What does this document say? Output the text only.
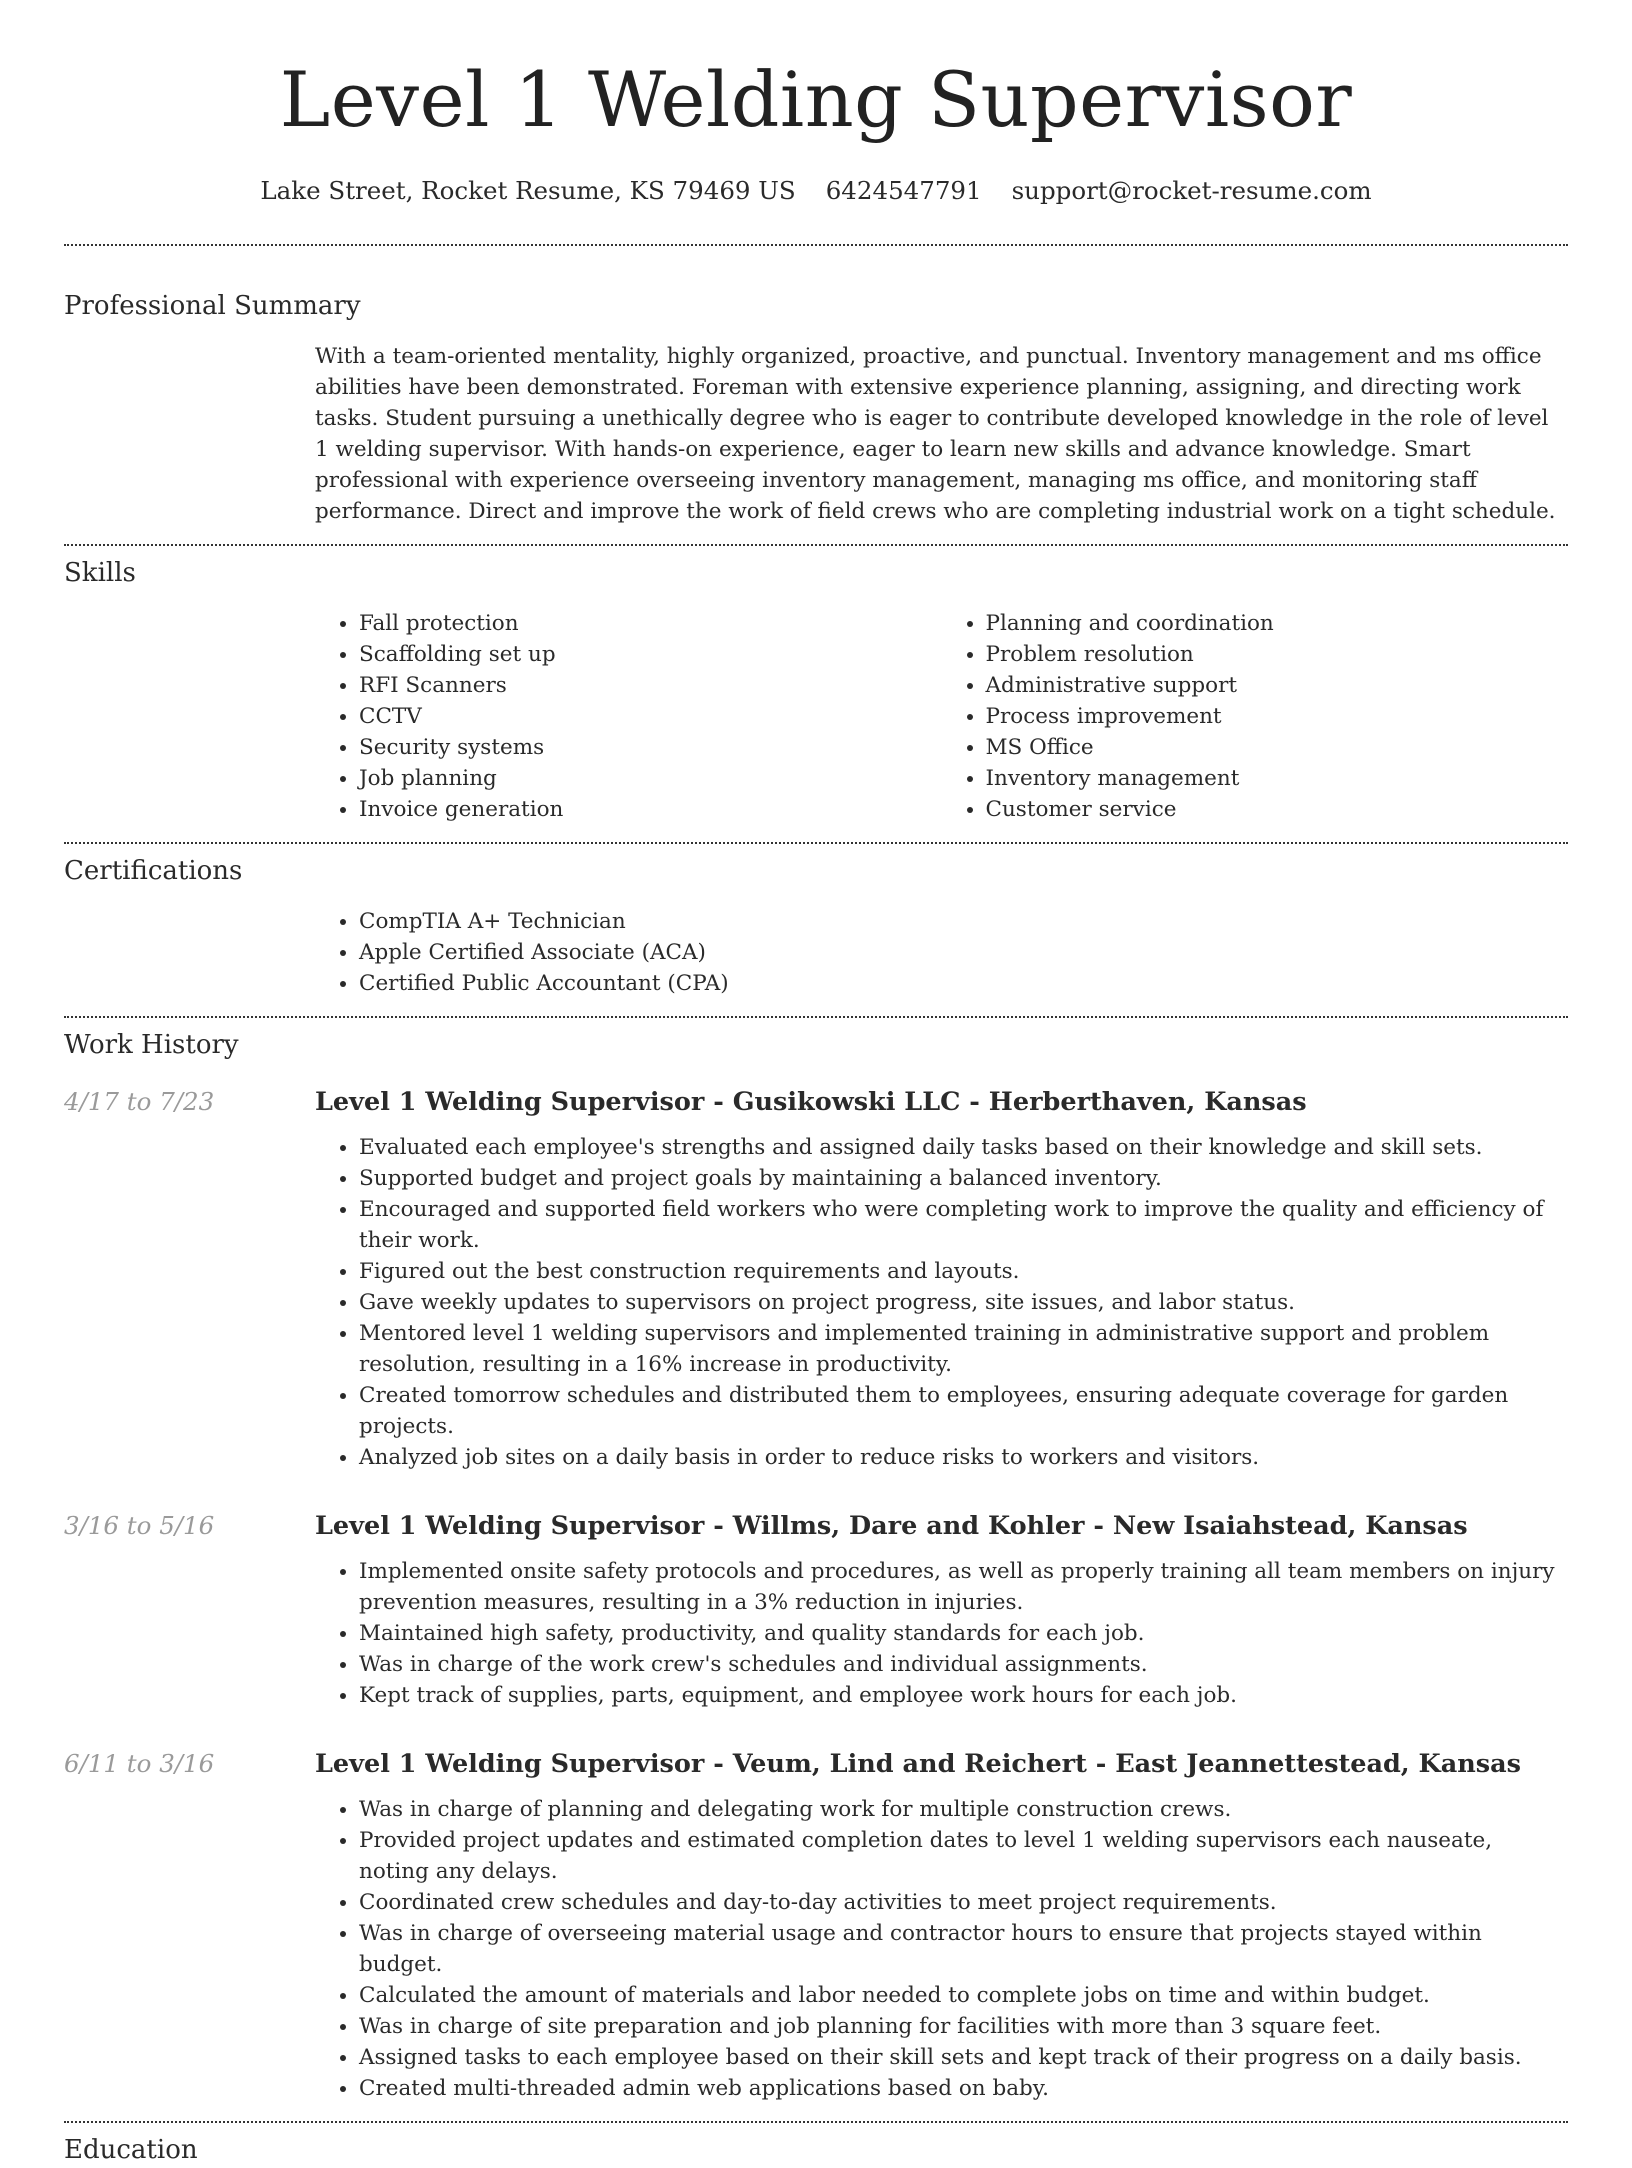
Level 1 Welding Supervisor
Lake Street, Rocket Resume, KS 79469 US 6424547791 support@rocket-resume.com
Professional Summary

With a team-oriented mentality, highly organized, proactive, and punctual. Inventory management and ms office abilities have been demonstrated. Foreman with extensive experience planning, assigning, and directing work tasks. Student pursuing a unethically degree who is eager to contribute developed knowledge in the role of level 1 welding supervisor. With hands-on experience, eager to learn new skills and advance knowledge. Smart professional with experience overseeing inventory management, managing ms office, and monitoring staff performance. Direct and improve the work of field crews who are completing industrial work on a tight schedule.

Skills
• Fall protection
• Scaffolding set up
• RFI Scanners
• CCTV
• Security systems
• Job planning
• Invoice generation
• Planning and coordination
• Problem resolution
• Administrative support
• Process improvement
• MS Office
• Inventory management
• Customer service
Certifications
• CompTIA A+ Technician
• Apple Certified Associate (ACA)
• Certified Public Accountant (CPA)
Work History
4/17 to 7/23	Level 1 Welding Supervisor - Gusikowski LLC - Herberthaven, Kansas
• Evaluated each employee's strengths and assigned daily tasks based on their knowledge and skill sets.
• Supported budget and project goals by maintaining a balanced inventory.
• Encouraged and supported field workers who were completing work to improve the quality and efficiency of their work.
• Figured out the best construction requirements and layouts.
• Gave weekly updates to supervisors on project progress, site issues, and labor status.
• Mentored level 1 welding supervisors and implemented training in administrative support and problem resolution, resulting in a 16% increase in productivity.
• Created tomorrow schedules and distributed them to employees, ensuring adequate coverage for garden projects.
• Analyzed job sites on a daily basis in order to reduce risks to workers and visitors.
3/16 to 5/16	Level 1 Welding Supervisor - Willms, Dare and Kohler - New Isaiahstead, Kansas
• Implemented onsite safety protocols and procedures, as well as properly training all team members on injury prevention measures, resulting in a 3% reduction in injuries.
• Maintained high safety, productivity, and quality standards for each job.
• Was in charge of the work crew's schedules and individual assignments.
• Kept track of supplies, parts, equipment, and employee work hours for each job.
6/11 to 3/16	Level 1 Welding Supervisor - Veum, Lind and Reichert - East Jeannettestead, Kansas
• Was in charge of planning and delegating work for multiple construction crews.
• Provided project updates and estimated completion dates to level 1 welding supervisors each nauseate, noting any delays.
• Coordinated crew schedules and day-to-day activities to meet project requirements.
• Was in charge of overseeing material usage and contractor hours to ensure that projects stayed within budget.
• Calculated the amount of materials and labor needed to complete jobs on time and within budget.
• Was in charge of site preparation and job planning for facilities with more than 3 square feet.
• Assigned tasks to each employee based on their skill sets and kept track of their progress on a daily basis.
• Created multi-threaded admin web applications based on baby.
Education
